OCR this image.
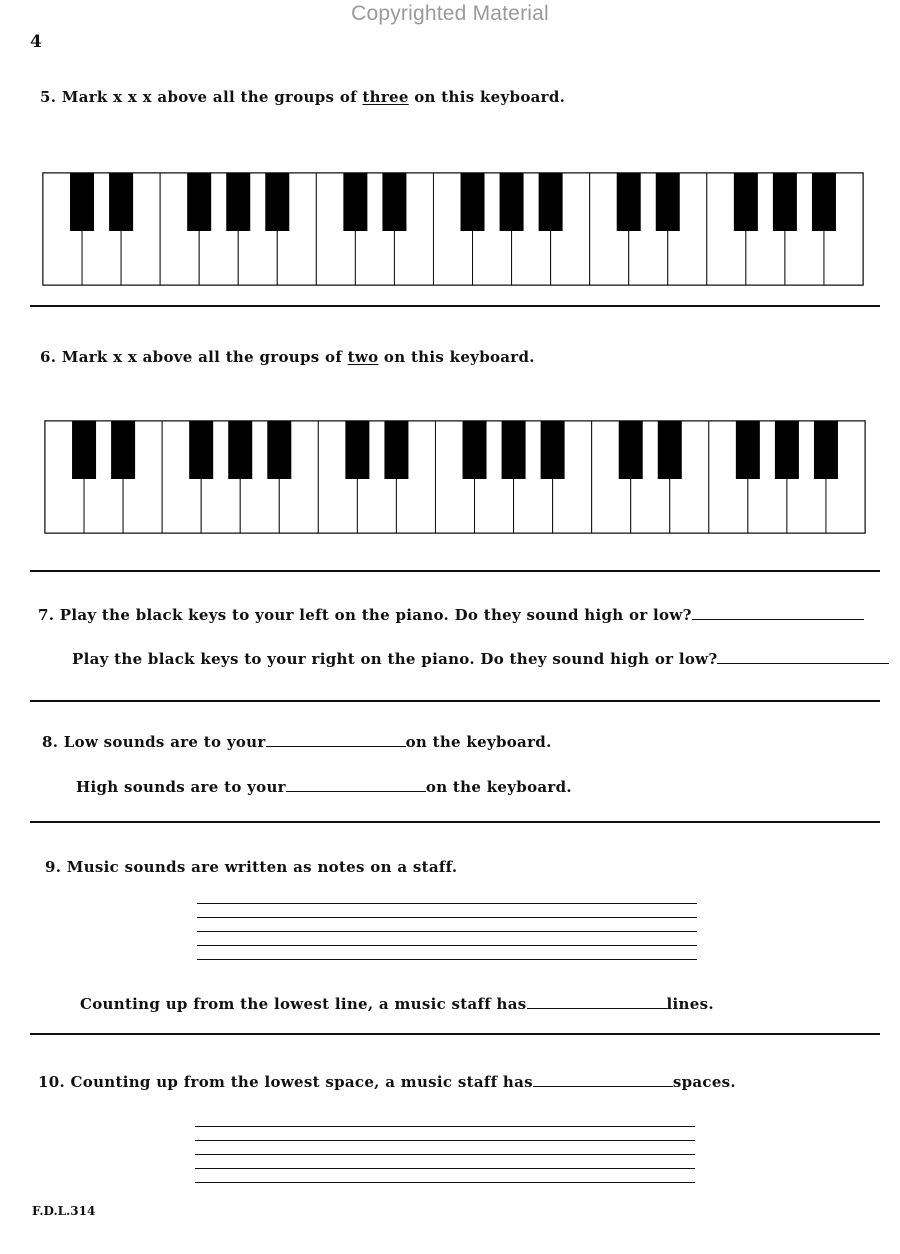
Copyrighted Material
4
5. Mark x x x above all the groups of three on this keyboard.
6. Mark x x above all the groups of two on this keyboard.
7. Play the black keys to your left on the piano. Do they sound high or low?
Play the black keys to your right on the piano. Do they sound high or low?
8. Low sounds are to your	on the keyboard.
High sounds are to your	on the keyboard.
9. Music sounds are written as notes on a staff.
Counting up from the lowest line, a music staff has	lines.
10. Counting up from the lowest space, a music staff has	spaces.
F.D.L.314
